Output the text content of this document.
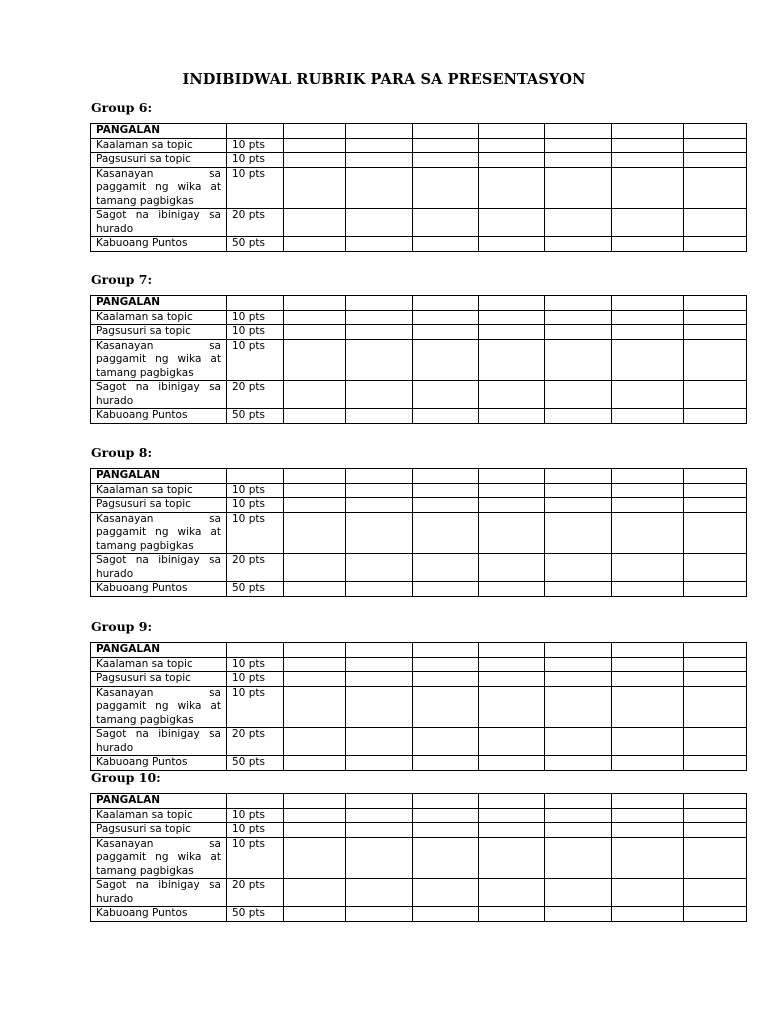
INDIBIDWAL RUBRIK PARA SA PRESENTASYON
Group 6:
PANGALAN								
Kaalaman sa topic	10 pts							
Pagsusuri sa topic	10 pts							
Kasanayan sa paggamit ng wika at tamang pagbigkas	10 pts							
Sagot na ibinigay sa hurado	20 pts							
Kabuoang Puntos	50 pts							
Group 7:
PANGALAN								
Kaalaman sa topic	10 pts							
Pagsusuri sa topic	10 pts							
Kasanayan sa paggamit ng wika at tamang pagbigkas	10 pts							
Sagot na ibinigay sa hurado	20 pts							
Kabuoang Puntos	50 pts							
Group 8:
PANGALAN								
Kaalaman sa topic	10 pts							
Pagsusuri sa topic	10 pts							
Kasanayan sa paggamit ng wika at tamang pagbigkas	10 pts							
Sagot na ibinigay sa hurado	20 pts							
Kabuoang Puntos	50 pts							
Group 9:
PANGALAN								
Kaalaman sa topic	10 pts							
Pagsusuri sa topic	10 pts							
Kasanayan sa paggamit ng wika at tamang pagbigkas	10 pts							
Sagot na ibinigay sa hurado	20 pts							
Kabuoang Puntos	50 pts							
Group 10:
PANGALAN								
Kaalaman sa topic	10 pts							
Pagsusuri sa topic	10 pts							
Kasanayan sa paggamit ng wika at tamang pagbigkas	10 pts							
Sagot na ibinigay sa hurado	20 pts							
Kabuoang Puntos	50 pts							
